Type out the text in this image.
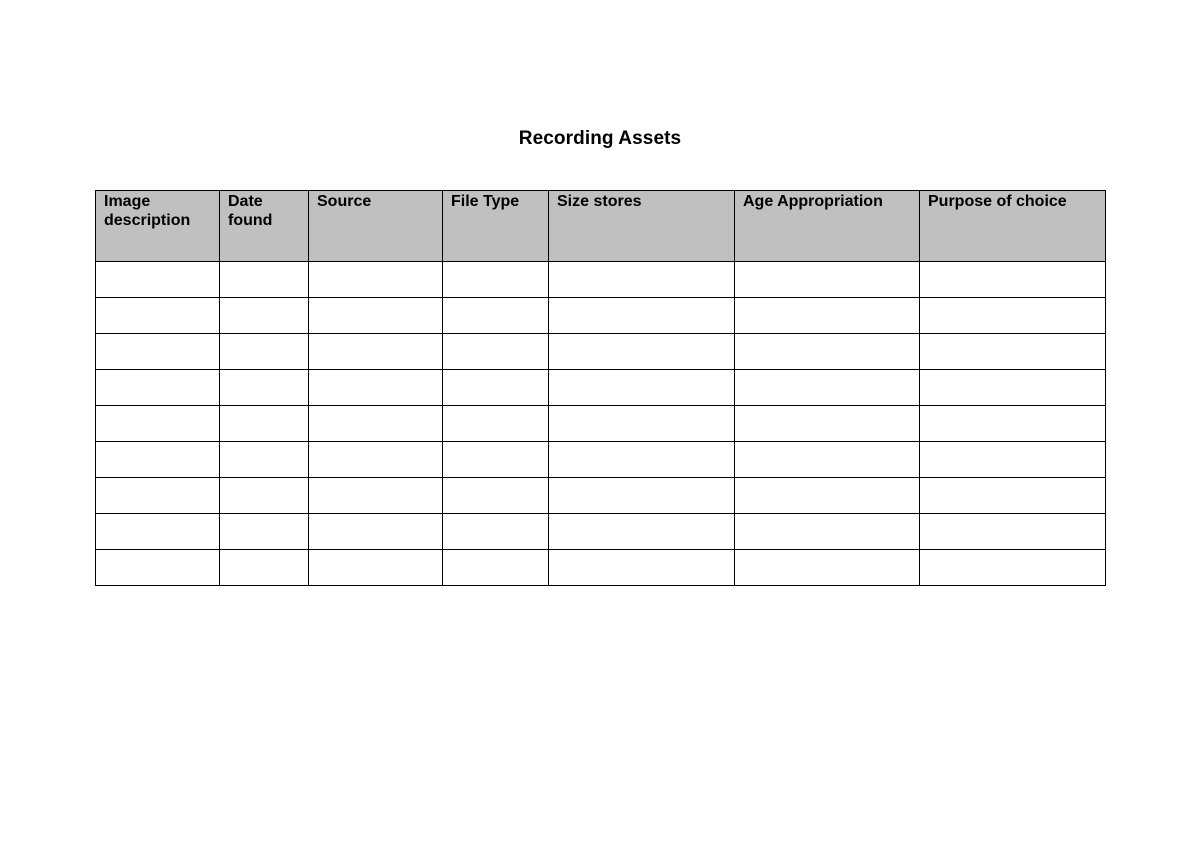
Recording Assets
Image description	Date found	Source	File Type	Size stores	Age Appropriation	Purpose of choice
